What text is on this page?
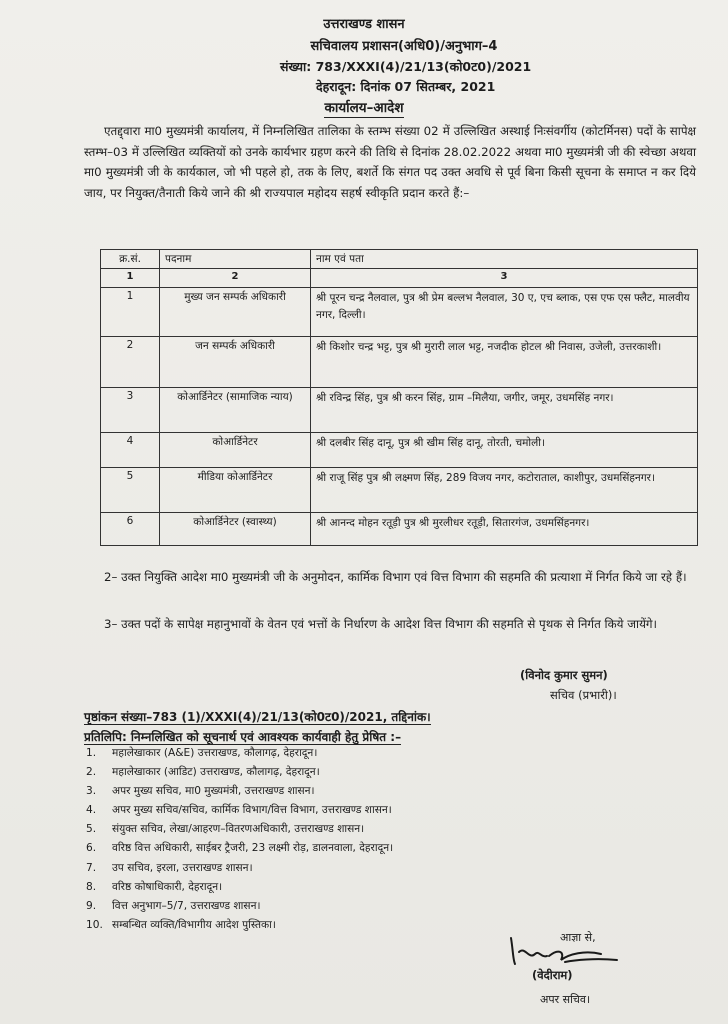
उत्तराखण्ड शासन
सचिवालय प्रशासन(अधि0)/अनुभाग–4
संख्या: 783/XXXI(4)/21/13(को0ट0)/2021
देहरादून: दिनांक 07 सितम्बर, 2021
कार्यालय–आदेश
एतद्द्वारा मा0 मुख्यमंत्री कार्यालय, में निम्नलिखित तालिका के स्तम्भ संख्या 02 में उल्लिखित अस्थाई निःसंवर्गीय (कोटर्मिनस) पदों के सापेक्ष स्तम्भ–03 में उल्लिखित व्यक्तियों को उनके कार्यभार ग्रहण करने की तिथि से दिनांक 28.02.2022 अथवा मा0 मुख्यमंत्री जी की स्वेच्छा अथवा मा0 मुख्यमंत्री जी के कार्यकाल, जो भी पहले हो, तक के लिए, बशर्ते कि संगत पद उक्त अवधि से पूर्व बिना किसी सूचना के समाप्त न कर दिये जाय, पर नियुक्त/तैनाती किये जाने की श्री राज्यपाल महोदय सहर्ष स्वीकृति प्रदान करते हैं:–
क्र.सं.	पदनाम	नाम एवं पता
1	2	3
1	मुख्य जन सम्पर्क अधिकारी	श्री पूरन चन्द्र नैलवाल, पुत्र श्री प्रेम बल्लभ नैलवाल, 30 ए, एच ब्लाक, एस एफ एस फ्लैट, मालवीय नगर, दिल्ली।
2	जन सम्पर्क अधिकारी	श्री किशोर चन्द्र भट्ट, पुत्र श्री मुरारी लाल भट्ट, नजदीक होटल श्री निवास, उजेली, उत्तरकाशी।
3	कोआर्डिनेटर (सामाजिक न्याय)	श्री रविन्द्र सिंह, पुत्र श्री करन सिंह, ग्राम –मिलैया, जगीर, जमूर, उधमसिंह नगर।
4	कोआर्डिनेटर	श्री दलबीर सिंह दानू, पुत्र श्री खीम सिंह दानू, तोरती, चमोली।
5	मीडिया कोआर्डिनेटर	श्री राजू सिंह पुत्र श्री लक्ष्मण सिंह, 289 विजय नगर, कटोराताल, काशीपुर, उधमसिंहनगर।
6	कोआर्डिनेटर (स्वास्थ्य)	श्री आनन्द मोहन रतूड़ी पुत्र श्री मुरलीधर रतूड़ी, सितारगंज, उधमसिंहनगर।
2– उक्त नियुक्ति आदेश मा0 मुख्यमंत्री जी के अनुमोदन, कार्मिक विभाग एवं वित्त विभाग की सहमति की प्रत्याशा में निर्गत किये जा रहे हैं।
3– उक्त पदों के सापेक्ष महानुभावों के वेतन एवं भत्तों के निर्धारण के आदेश वित्त विभाग की सहमति से पृथक से निर्गत किये जायेंगे।
(विनोद कुमार सुमन)
सचिव (प्रभारी)।
पृष्ठांकन संख्या–783 (1)/XXXI(4)/21/13(को0ट0)/2021, तद्दिनांक।
प्रतिलिपि: निम्नलिखित को सूचनार्थ एवं आवश्यक कार्यवाही हेतु प्रेषित :–
1. महालेखाकार (A&E) उत्तराखण्ड, कौलागढ़, देहरादून।
2. महालेखाकार (आडिट) उत्तराखण्ड, कौलागढ़, देहरादून।
3. अपर मुख्य सचिव, मा0 मुख्यमंत्री, उत्तराखण्ड शासन।
4. अपर मुख्य सचिव/सचिव, कार्मिक विभाग/वित्त विभाग, उत्तराखण्ड शासन।
5. संयुक्त सचिव, लेखा/आहरण–वितरणअधिकारी, उत्तराखण्ड शासन।
6. वरिष्ठ वित्त अधिकारी, साईबर ट्रैजरी, 23 लक्ष्मी रोड़, डालनवाला, देहरादून।
7. उप सचिव, इरला, उत्तराखण्ड शासन।
8. वरिष्ठ कोषाधिकारी, देहरादून।
9. वित्त अनुभाग–5/7, उत्तराखण्ड शासन।
10. सम्बन्धित व्यक्ति/विभागीय आदेश पुस्तिका।
आज्ञा से,
(वेदीराम)
अपर सचिव।
